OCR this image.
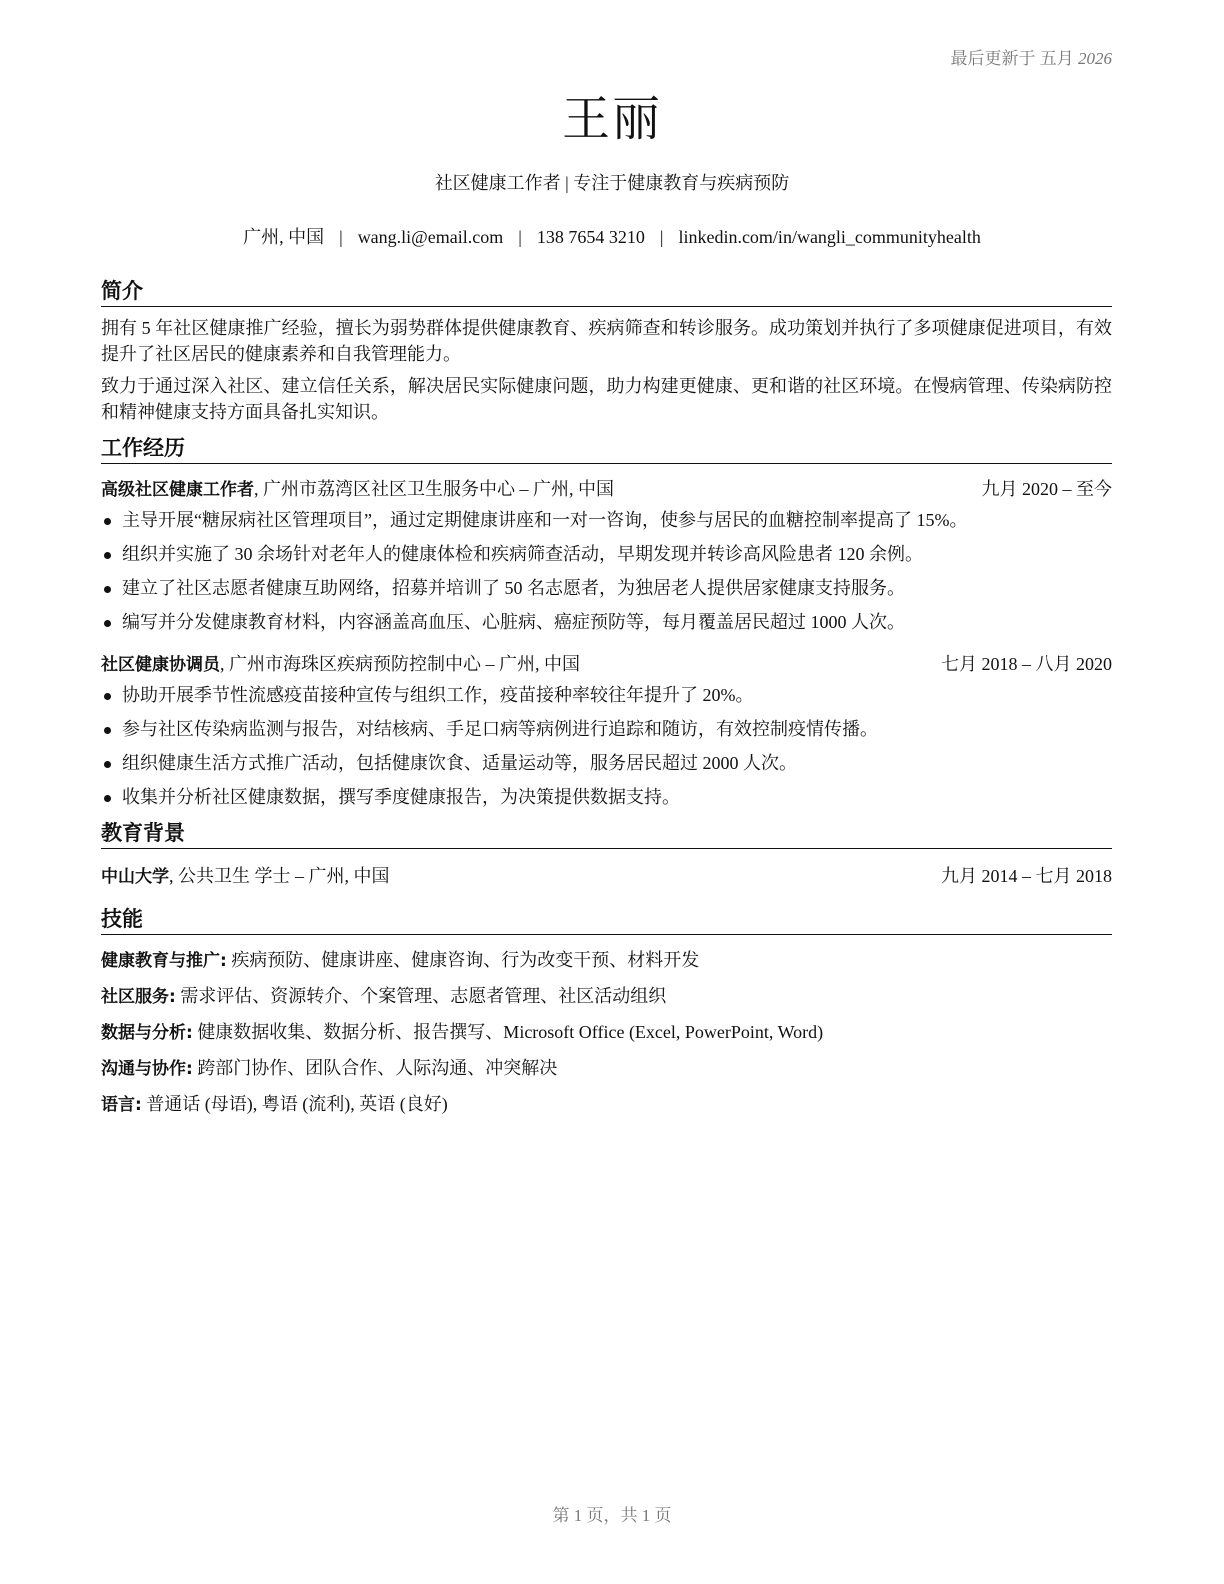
最后更新于 五月 2026
王丽
社区健康工作者 | 专注于健康教育与疾病预防
广州, 中国 | wang.li@email.com | 138 7654 3210 | linkedin.com/in/wangli_communityhealth
简介
拥有 5 年社区健康推广经验，擅长为弱势群体提供健康教育、疾病筛查和转诊服务。成功策划并执行了多项健康促进项目，有效提升了社区居民的健康素养和自我管理能力。
致力于通过深入社区、建立信任关系，解决居民实际健康问题，助力构建更健康、更和谐的社区环境。在慢病管理、传染病防控和精神健康支持方面具备扎实知识。
工作经历
高级社区健康工作者, 广州市荔湾区社区卫生服务中心 – 广州, 中国	九月 2020 – 至今
主导开展“糖尿病社区管理项目”，通过定期健康讲座和一对一咨询，使参与居民的血糖控制率提高了 15%。
组织并实施了 30 余场针对老年人的健康体检和疾病筛查活动，早期发现并转诊高风险患者 120 余例。
建立了社区志愿者健康互助网络，招募并培训了 50 名志愿者，为独居老人提供居家健康支持服务。
编写并分发健康教育材料，内容涵盖高血压、心脏病、癌症预防等，每月覆盖居民超过 1000 人次。
社区健康协调员, 广州市海珠区疾病预防控制中心 – 广州, 中国	七月 2018 – 八月 2020
协助开展季节性流感疫苗接种宣传与组织工作，疫苗接种率较往年提升了 20%。
参与社区传染病监测与报告，对结核病、手足口病等病例进行追踪和随访，有效控制疫情传播。
组织健康生活方式推广活动，包括健康饮食、适量运动等，服务居民超过 2000 人次。
收集并分析社区健康数据，撰写季度健康报告，为决策提供数据支持。
教育背景
中山大学, 公共卫生 学士 – 广州, 中国	九月 2014 – 七月 2018
技能
健康教育与推广: 疾病预防、健康讲座、健康咨询、行为改变干预、材料开发
社区服务: 需求评估、资源转介、个案管理、志愿者管理、社区活动组织
数据与分析: 健康数据收集、数据分析、报告撰写、Microsoft Office (Excel, PowerPoint, Word)
沟通与协作: 跨部门协作、团队合作、人际沟通、冲突解决
语言: 普通话 (母语), 粤语 (流利), 英语 (良好)
第 1 页，共 1 页
